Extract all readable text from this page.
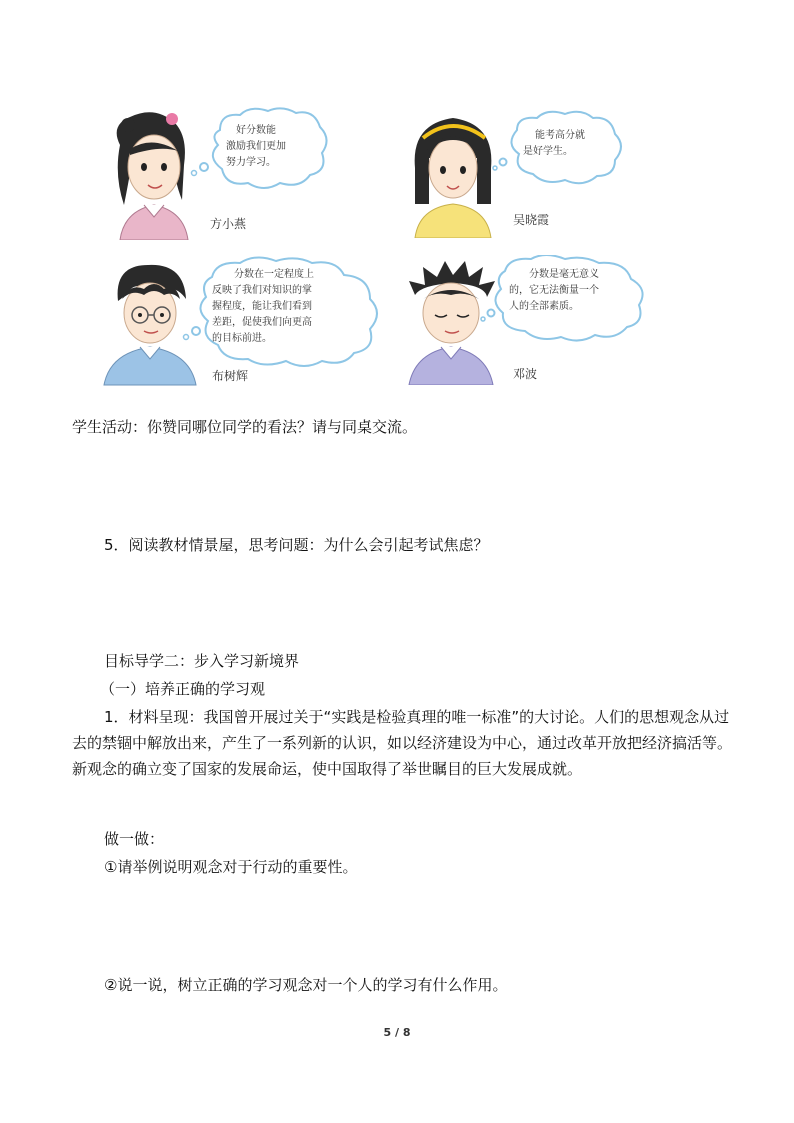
好分数能
激励我们更加
努力学习。
方小燕
能考高分就
是好学生。
吴晓霞
分数在一定程度上
反映了我们对知识的掌
握程度，能让我们看到
差距，促使我们向更高
的目标前进。
布树辉
分数是毫无意义
的，它无法衡量一个
人的全部素质。
邓波
学生活动：你赞同哪位同学的看法？请与同桌交流。
5．阅读教材情景屋，思考问题：为什么会引起考试焦虑？
目标导学二：步入学习新境界
（一）培养正确的学习观
1．材料呈现：我国曾开展过关于“实践是检验真理的唯一标准”的大讨论。人们的思想观念从过去的禁锢中解放出来，产生了一系列新的认识，如以经济建设为中心，通过改革开放把经济搞活等。新观念的确立变了国家的发展命运，使中国取得了举世瞩目的巨大发展成就。
做一做：
①请举例说明观念对于行动的重要性。
②说一说，树立正确的学习观念对一个人的学习有什么作用。
5 / 8
